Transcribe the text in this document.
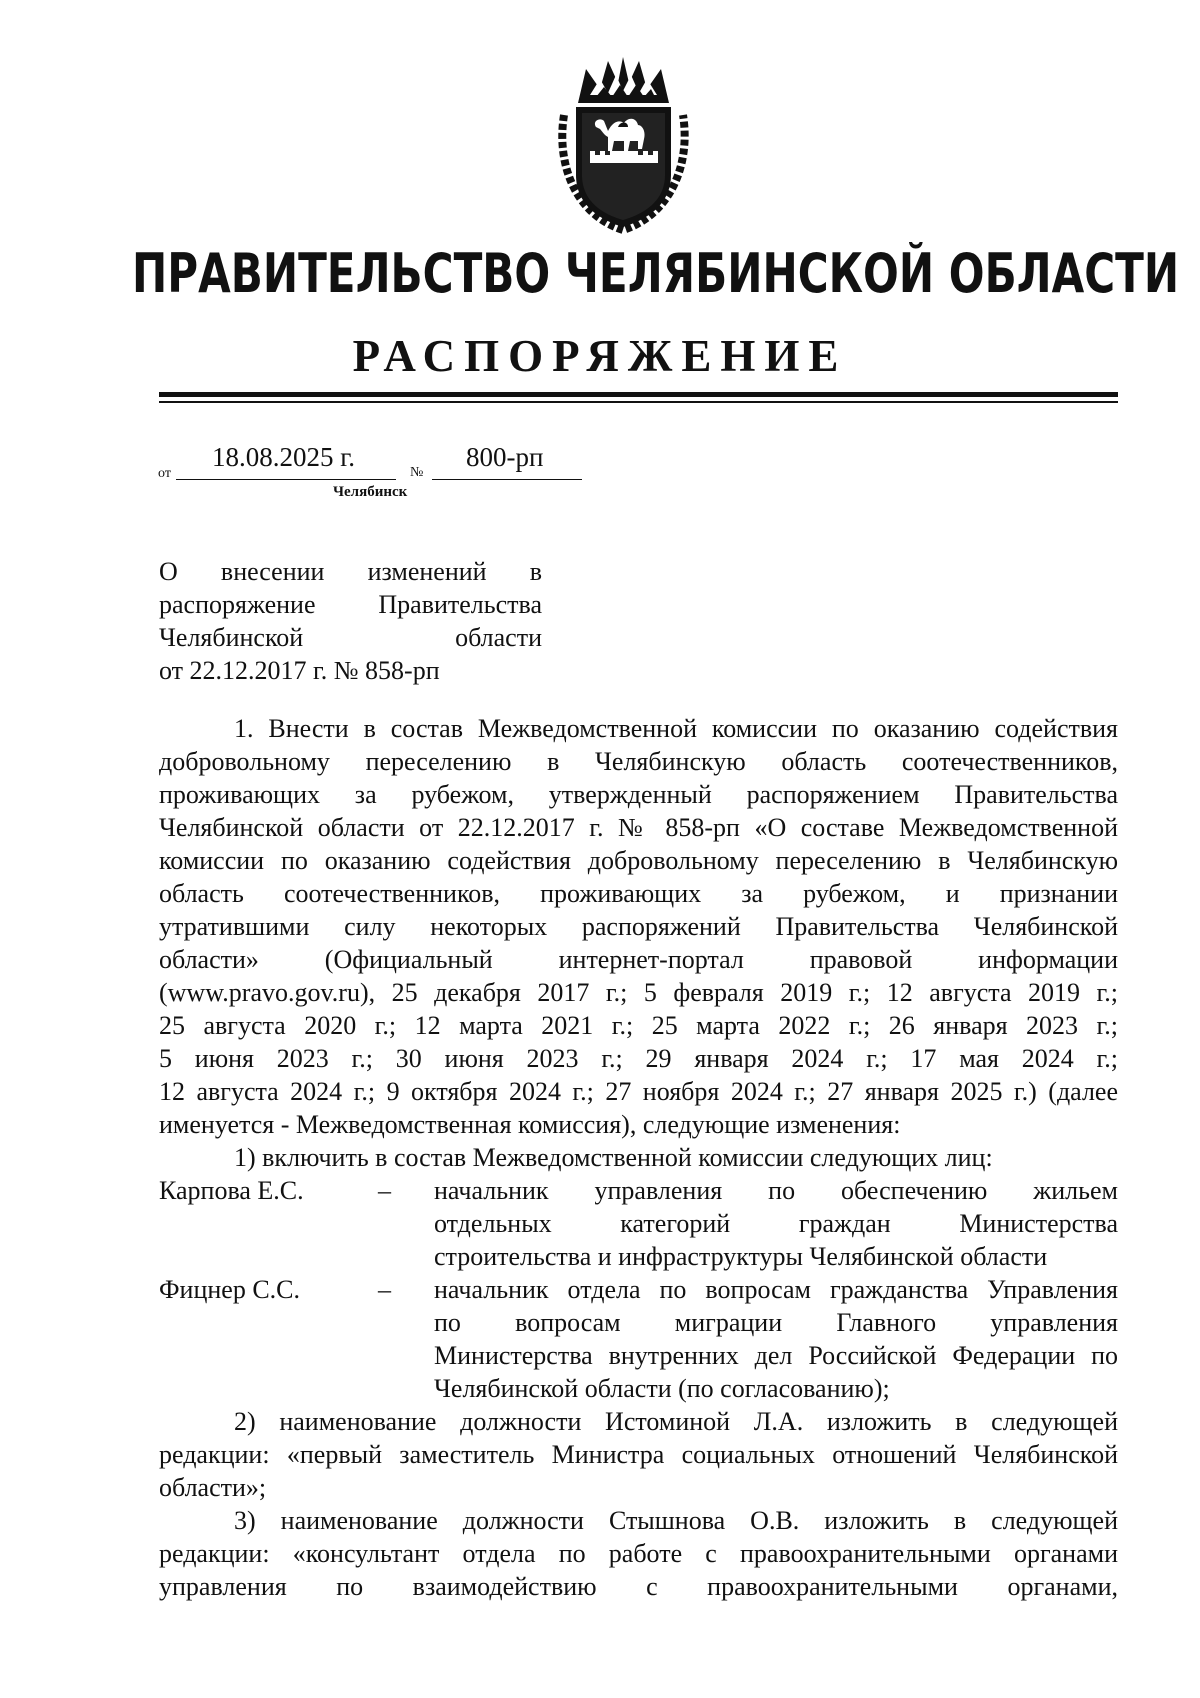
ПРАВИТЕЛЬСТВО ЧЕЛЯБИНСКОЙ ОБЛАСТИ
РАСПОРЯЖЕНИЕ
от
18.08.2025 г.
№
800-рп
Челябинск
О внесении изменений в
распоряжение Правительства
Челябинской области
от 22.12.2017 г. № 858-рп
1. Внести в состав Межведомственной комиссии по оказанию содействия
добровольному переселению в Челябинскую область соотечественников,
проживающих за рубежом, утвержденный распоряжением Правительства
Челябинской области от 22.12.2017 г. № 858-рп «О составе Межведомственной
комиссии по оказанию содействия добровольному переселению в Челябинскую
область соотечественников, проживающих за рубежом, и признании
утратившими силу некоторых распоряжений Правительства Челябинской
области» (Официальный интернет-портал правовой информации
(www.pravo.gov.ru), 25 декабря 2017 г.; 5 февраля 2019 г.; 12 августа 2019 г.;
25 августа 2020 г.; 12 марта 2021 г.; 25 марта 2022 г.; 26 января 2023 г.;
5 июня 2023 г.; 30 июня 2023 г.; 29 января 2024 г.; 17 мая 2024 г.;
12 августа 2024 г.; 9 октября 2024 г.; 27 ноября 2024 г.; 27 января 2025 г.) (далее
именуется - Межведомственная комиссия), следующие изменения:
1) включить в состав Межведомственной комиссии следующих лиц:
Карпова Е.С.	–	начальник управления по обеспечению жильем
отдельных категорий граждан Министерства
строительства и инфраструктуры Челябинской области
Фицнер С.С.	–	начальник отдела по вопросам гражданства Управления
по вопросам миграции Главного управления
Министерства внутренних дел Российской Федерации по
Челябинской области (по согласованию);
2) наименование должности Истоминой Л.А. изложить в следующей
редакции: «первый заместитель Министра социальных отношений Челябинской
области»;
3) наименование должности Стышнова О.В. изложить в следующей
редакции: «консультант отдела по работе с правоохранительными органами
управления по взаимодействию с правоохранительными органами,
